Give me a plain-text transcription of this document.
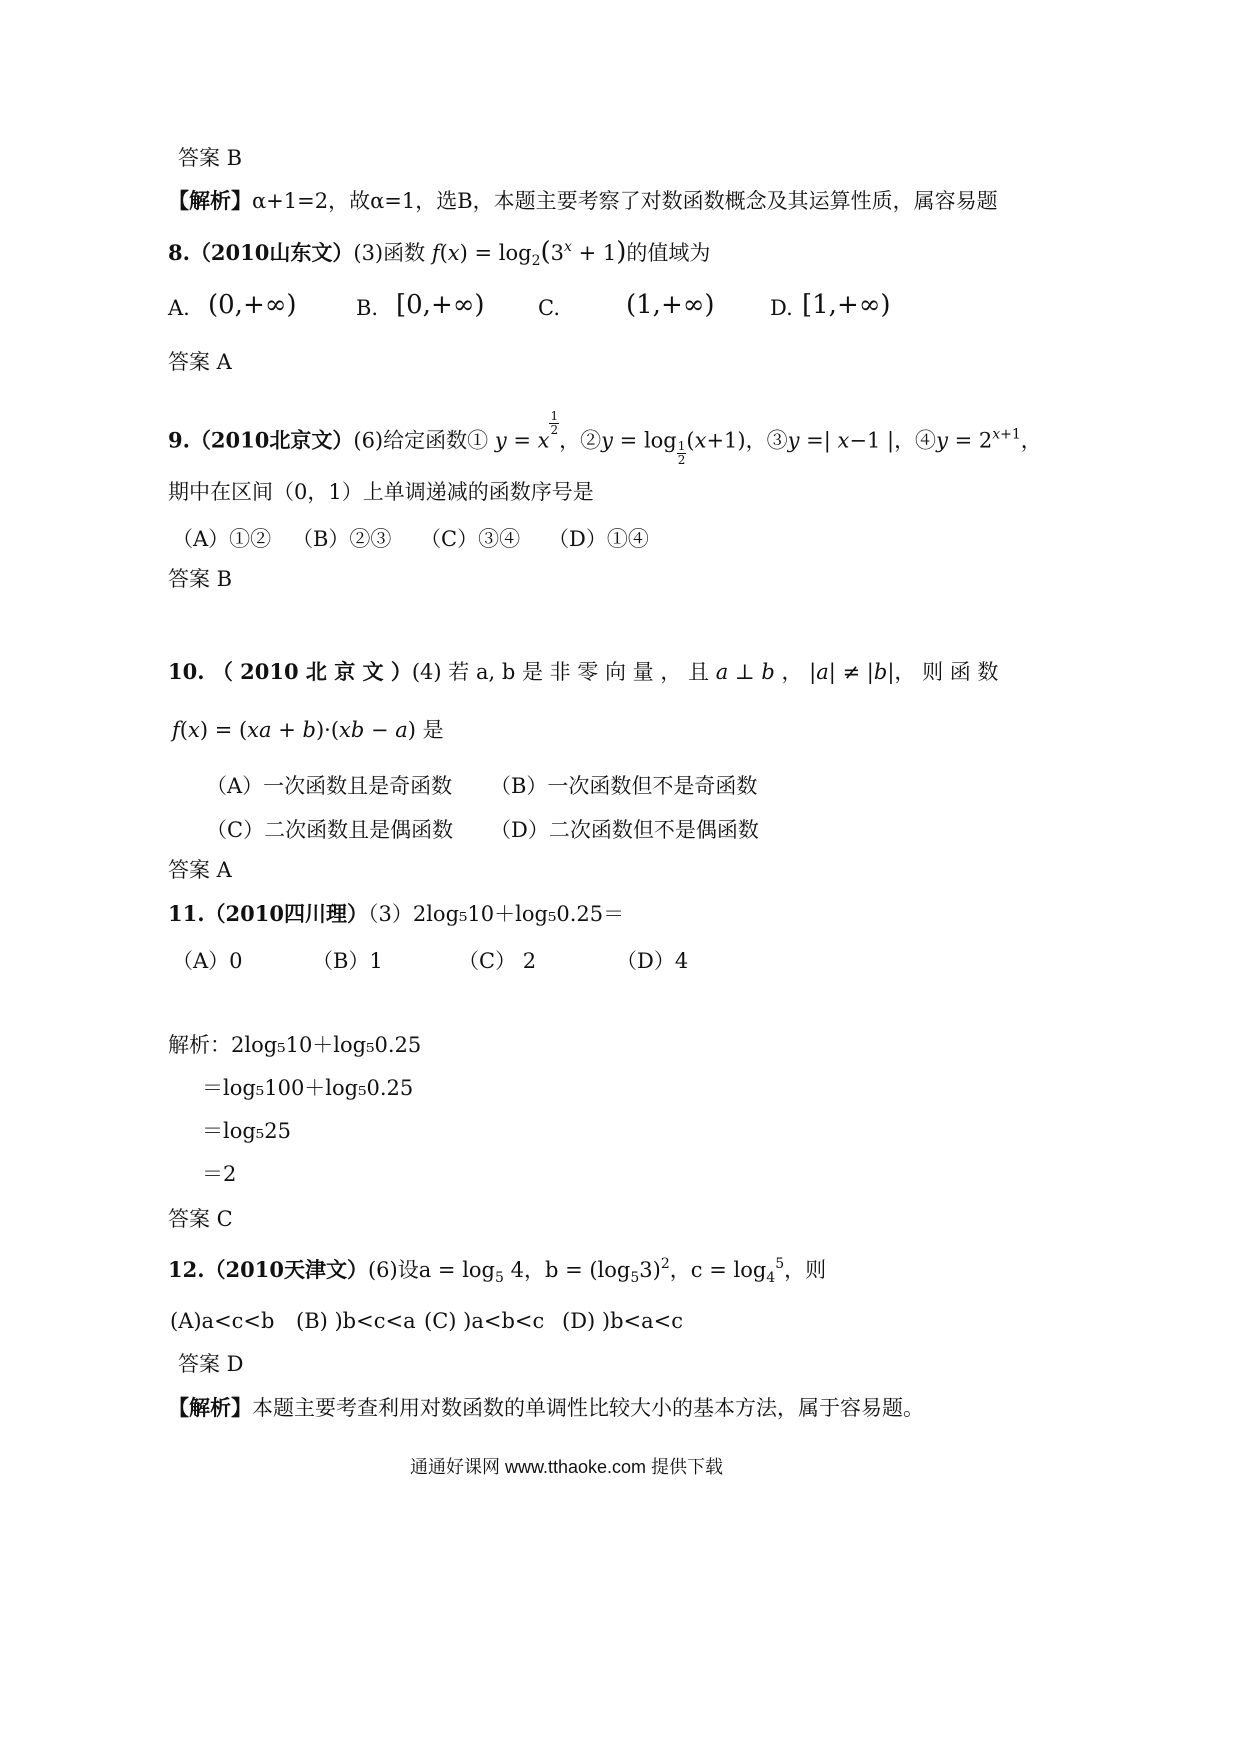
答案 B
【解析】α+1=2，故α=1，选B，本题主要考察了对数函数概念及其运算性质，属容易题
8.（2010山东文）(3)函数 $f(x) = \log_2(3^x + 1)$的值域为
A. (0,+∞)	B. [0,+∞)	C.	(1,+∞)	D. [1,+∞)
答案 A
9.（2010北京文）(6)给定函数① y = x
$\frac{1}{2}$
，②y = $\log \frac{1}{2} (x+1)$，③y =| x−1 |，④y = $2^{x+1}$，
期中在区间（0，1）上单调递减的函数序号是
（A）①② （B）②③ （C）③④ （D）①④
答案 B
10. （ 2010 北 京 文 ）(4) 若 a, b 是 非 零 向 量 ， 且 a ⊥ b ， |a| ≠ |b|， 则 函 数
f(x) = (xa + b)·(xb − a) 是
（A）一次函数且是奇函数 （B）一次函数但不是奇函数
（C）二次函数且是偶函数 （D）二次函数但不是偶函数
答案 A
11.（2010四川理）（3）2log₅10＋log₅0.25＝
（A）0	（B）1	（C） 2	（D）4
解析：2log₅10＋log₅0.25
＝log₅100＋log₅0.25
＝log₅25
＝2
答案 C
12.（2010天津文）(6)设$a = \log_5 4$，$b = (\log_53)^2$，$c = \log_4^5$，则
(A)a<c<b (B) )b<c<a (C) )a<b<c (D) )b<a<c
答案 D
【解析】本题主要考查利用对数函数的单调性比较大小的基本方法，属于容易题。
通通好课网 www.tthaoke.com 提供下载
